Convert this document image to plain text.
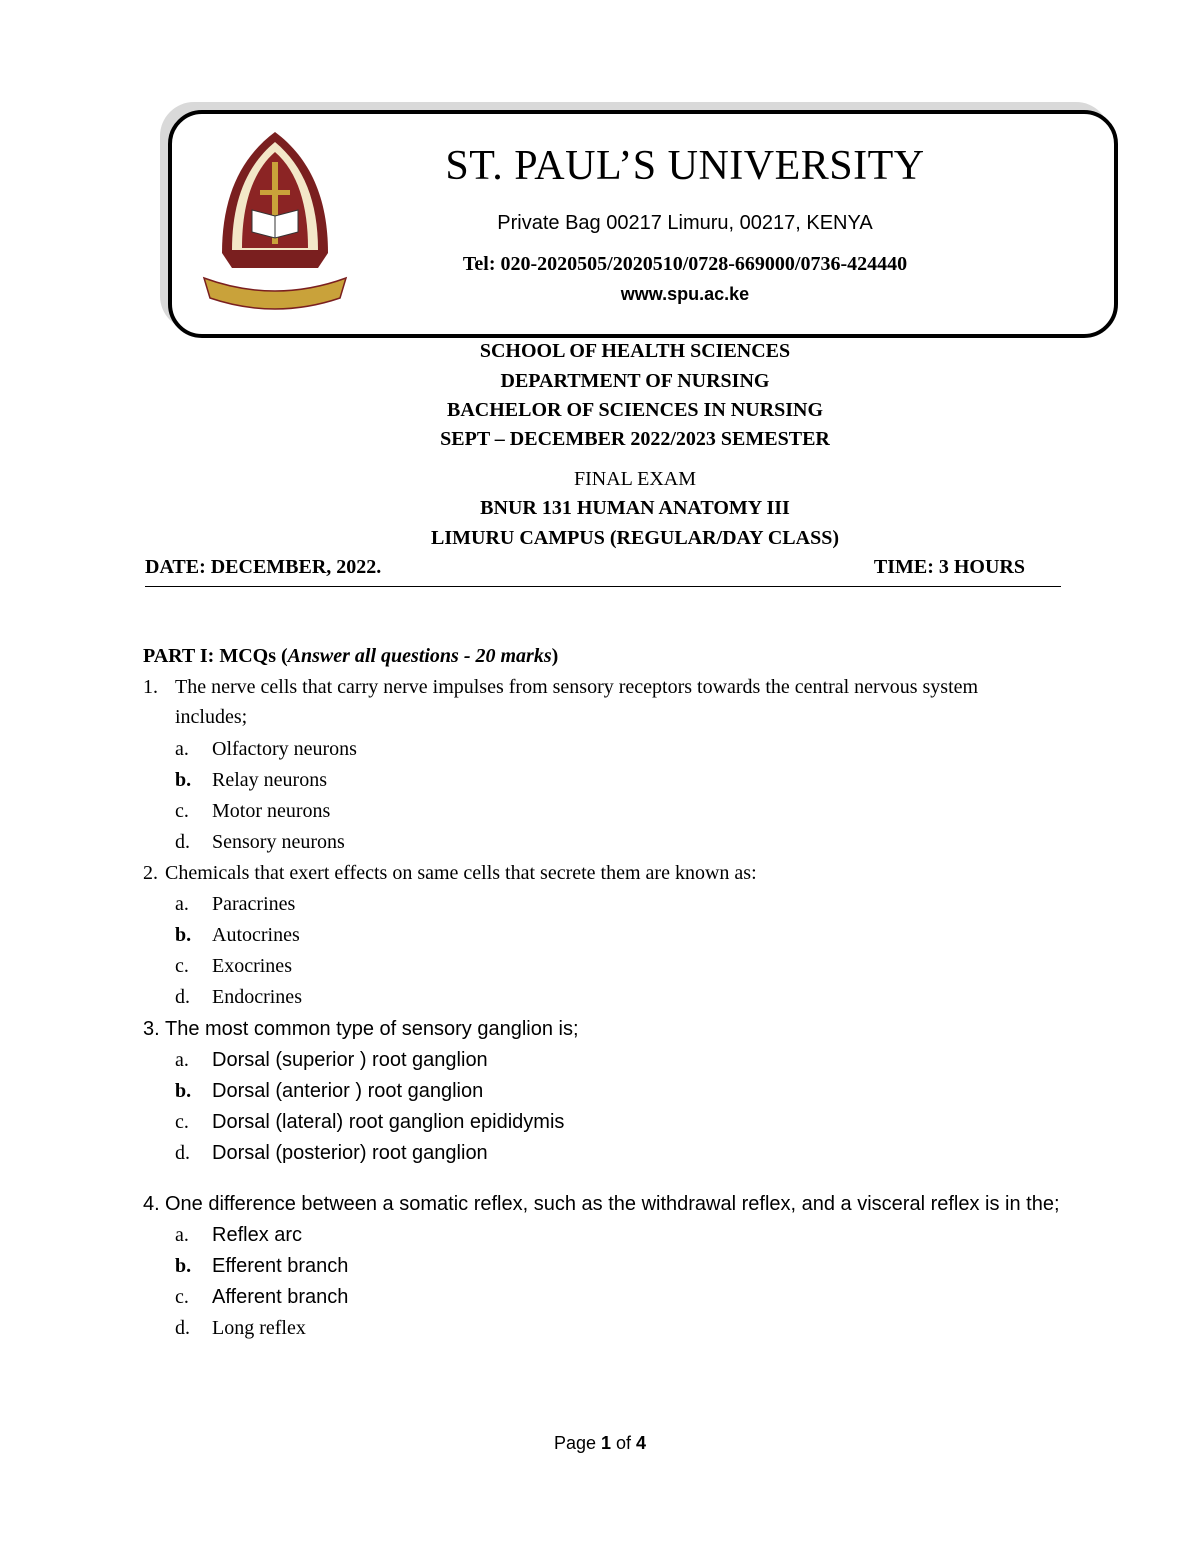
ST. PAUL’S UNIVERSITY
Private Bag 00217 Limuru, 00217, KENYA
Tel: 020-2020505/2020510/0728-669000/0736-424440
www.spu.ac.ke
SCHOOL OF HEALTH SCIENCES
DEPARTMENT OF NURSING
BACHELOR OF SCIENCES IN NURSING
SEPT – DECEMBER 2022/2023 SEMESTER
FINAL EXAM
BNUR 131 HUMAN ANATOMY III
LIMURU CAMPUS (REGULAR/DAY CLASS)
DATE: DECEMBER, 2022.	TIME: 3 HOURS
PART I: MCQs (Answer all questions - 20 marks)
1. The nerve cells that carry nerve impulses from sensory receptors towards the central nervous system
includes;
a. Olfactory neurons
b. Relay neurons
c. Motor neurons
d. Sensory neurons
2. Chemicals that exert effects on same cells that secrete them are known as:
a. Paracrines
b. Autocrines
c. Exocrines
d. Endocrines
3. The most common type of sensory ganglion is;
a. Dorsal (superior ) root ganglion
b. Dorsal (anterior ) root ganglion
c. Dorsal (lateral) root ganglion epididymis
d. Dorsal (posterior) root ganglion
4. One difference between a somatic reflex, such as the withdrawal reflex, and a visceral reflex is in the;
a. Reflex arc
b. Efferent branch
c. Afferent branch
d. Long reflex
Page 1 of 4
